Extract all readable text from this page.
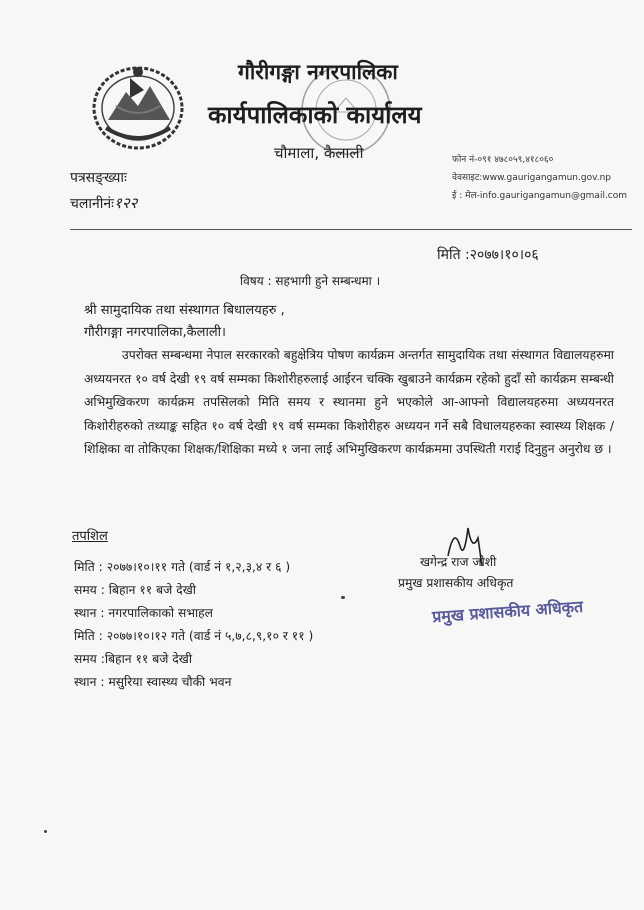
गौरीगङ्गा नगरपालिका
कार्यपालिकाको कार्यालय
चौमाला, कैलाली	फोन नं-०९१ ४७८०५९,४१८०६०
वेवसाइट:www.gaurigangamun.gov.np
ई : मेल-info.gaurigangamun@gmail.com
पत्रसङ्ख्याः
चलानीनंः१२२
मिति :२०७७।१०।०६
विषय : सहभागी हुने सम्बन्धमा ।
श्री सामुदायिक तथा संस्थागत बिधालयहरु ,
गौरीगङ्गा नगरपालिका,कैलाली।

उपरोक्त सम्बन्धमा नेपाल सरकारको बहुक्षेत्रिय पोषण कार्यक्रम अन्तर्गत सामुदायिक तथा संस्थागत विद्यालयहरुमा अध्ययनरत १० वर्ष देखी १९ वर्ष सम्मका किशोरीहरुलाई आईरन चक्कि खुबाउने कार्यक्रम रहेको हुदाँ सो कार्यक्रम सम्बन्धी अभिमुखिकरण कार्यक्रम तपसिलको मिति समय र स्थानमा हुने भएकोले आ-आफ्नो विद्यालयहरुमा अध्ययनरत किशोरीहरुको तथ्याङ्क सहित १० वर्ष देखी १९ वर्ष सम्मका किशोरीहरु अध्ययन गर्ने सबै विधालयहरुका स्वास्थ्य शिक्षक / शिक्षिका वा तोकिएका शिक्षक/शिक्षिका मध्ये १ जना लाई अभिमुखिकरण कार्यक्रममा उपस्थिती गराई दिनुहुन अनुरोध छ ।

तपशिल
मिति : २०७७।१०।११ गते (वार्ड नं १,२,३,४ र ६ )
समय : बिहान ११ बजे देखी
स्थान : नगरपालिकाको सभाहल
मिति : २०७७।१०।१२ गते (वार्ड नं ५,७,८,९,१० र ११ )
समय :बिहान ११ बजे देखी
स्थान : मसुरिया स्वास्थ्य चौकी भवन
खगेन्द्र राज जोशी
प्रमुख प्रशासकीय अधिकृत
प्रमुख प्रशासकीय अधिकृत
